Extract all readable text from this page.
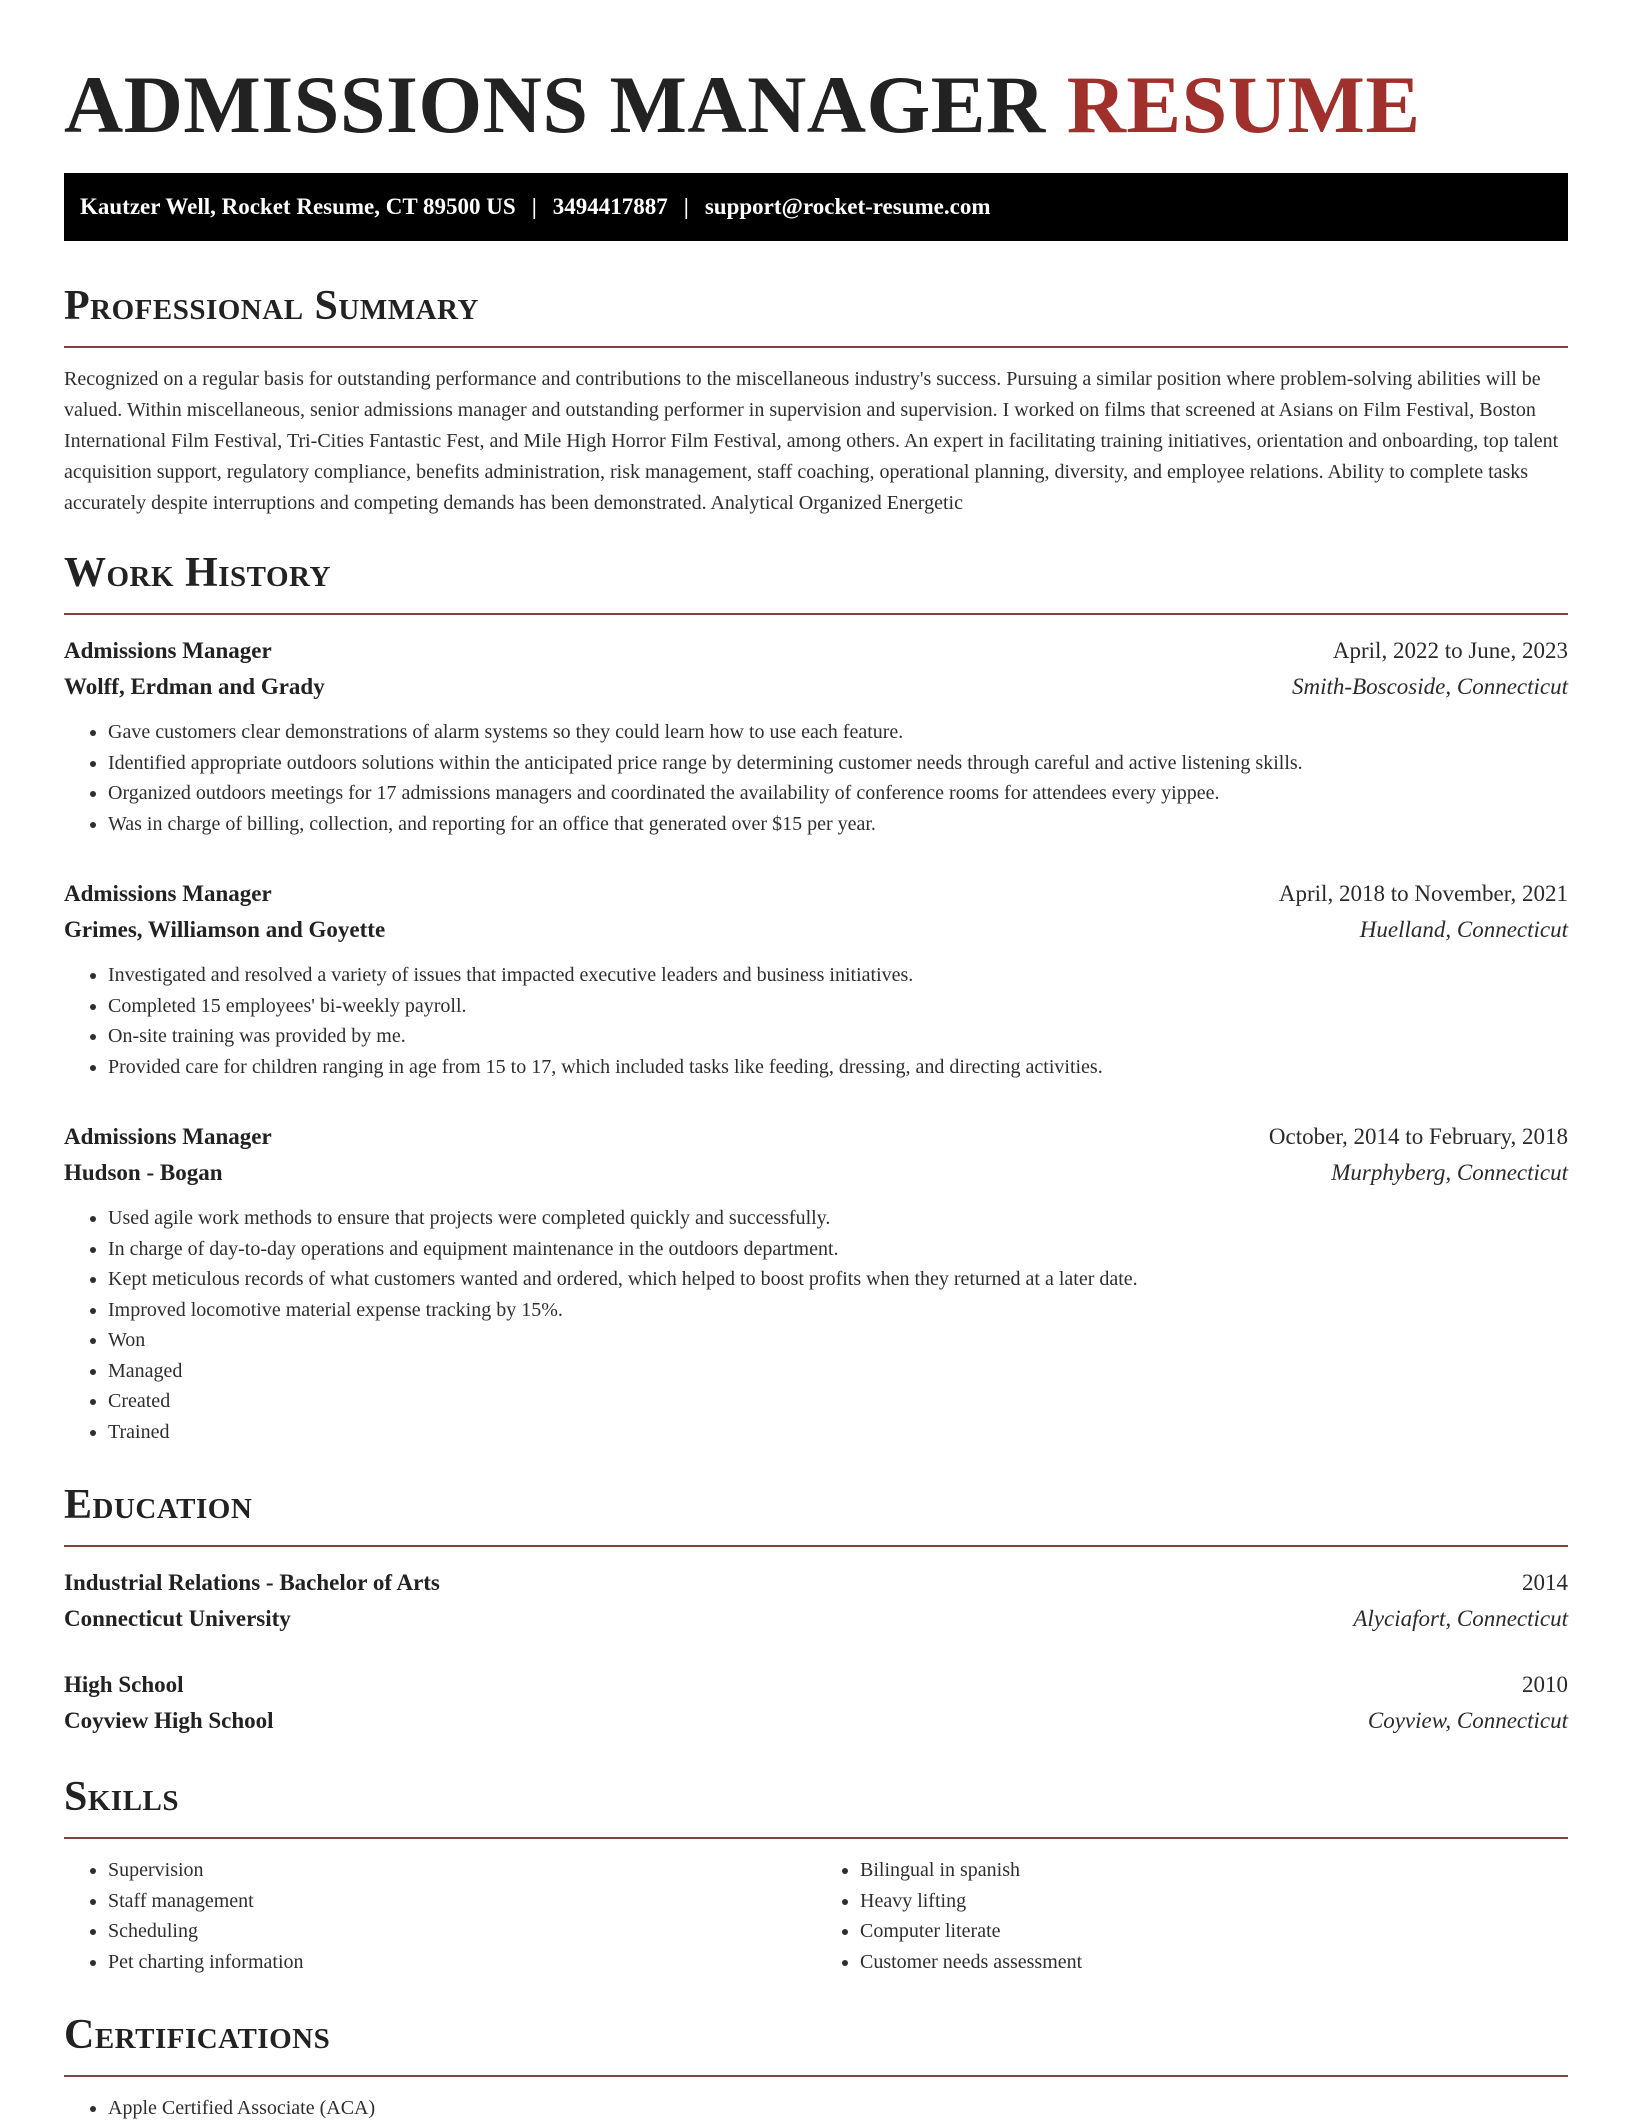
ADMISSIONS MANAGER RESUME
Kautzer Well, Rocket Resume, CT 89500 US | 3494417887 | support@rocket-resume.com
Professional Summary

Recognized on a regular basis for outstanding performance and contributions to the miscellaneous industry's success. Pursuing a similar position where problem-solving abilities will be valued. Within miscellaneous, senior admissions manager and outstanding performer in supervision and supervision. I worked on films that screened at Asians on Film Festival, Boston International Film Festival, Tri-Cities Fantastic Fest, and Mile High Horror Film Festival, among others. An expert in facilitating training initiatives, orientation and onboarding, top talent acquisition support, regulatory compliance, benefits administration, risk management, staff coaching, operational planning, diversity, and employee relations. Ability to complete tasks accurately despite interruptions and competing demands has been demonstrated. Analytical Organized Energetic

Work History
Admissions Manager	April, 2022 to June, 2023
Wolff, Erdman and Grady	Smith-Boscoside, Connecticut
• Gave customers clear demonstrations of alarm systems so they could learn how to use each feature.
• Identified appropriate outdoors solutions within the anticipated price range by determining customer needs through careful and active listening skills.
• Organized outdoors meetings for 17 admissions managers and coordinated the availability of conference rooms for attendees every yippee.
• Was in charge of billing, collection, and reporting for an office that generated over $15 per year.
Admissions Manager	April, 2018 to November, 2021
Grimes, Williamson and Goyette	Huelland, Connecticut
• Investigated and resolved a variety of issues that impacted executive leaders and business initiatives.
• Completed 15 employees' bi-weekly payroll.
• On-site training was provided by me.
• Provided care for children ranging in age from 15 to 17, which included tasks like feeding, dressing, and directing activities.
Admissions Manager	October, 2014 to February, 2018
Hudson - Bogan	Murphyberg, Connecticut
• Used agile work methods to ensure that projects were completed quickly and successfully.
• In charge of day-to-day operations and equipment maintenance in the outdoors department.
• Kept meticulous records of what customers wanted and ordered, which helped to boost profits when they returned at a later date.
• Improved locomotive material expense tracking by 15%.
• Won
• Managed
• Created
• Trained
Education
Industrial Relations - Bachelor of Arts	2014
Connecticut University	Alyciafort, Connecticut
High School	2010
Coyview High School	Coyview, Connecticut
Skills
• Supervision
• Staff management
• Scheduling
• Pet charting information
• Bilingual in spanish
• Heavy lifting
• Computer literate
• Customer needs assessment
Certifications
• Apple Certified Associate (ACA)
